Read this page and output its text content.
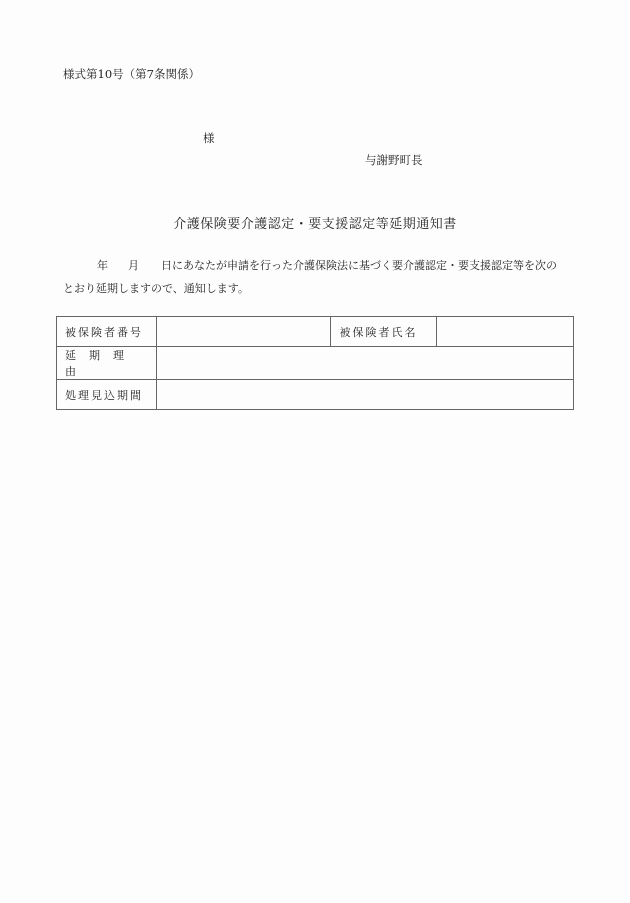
様式第10号（第7条関係）
様
与謝野町長
介護保険要介護認定・要支援認定等延期通知書
年 月 日にあなたが申請を行った介護保険法に基づく要介護認定・要支援認定等を次の
とおり延期しますので、通知します。
被保険者番号		被保険者氏名	
延期理由			
処理見込期間			
